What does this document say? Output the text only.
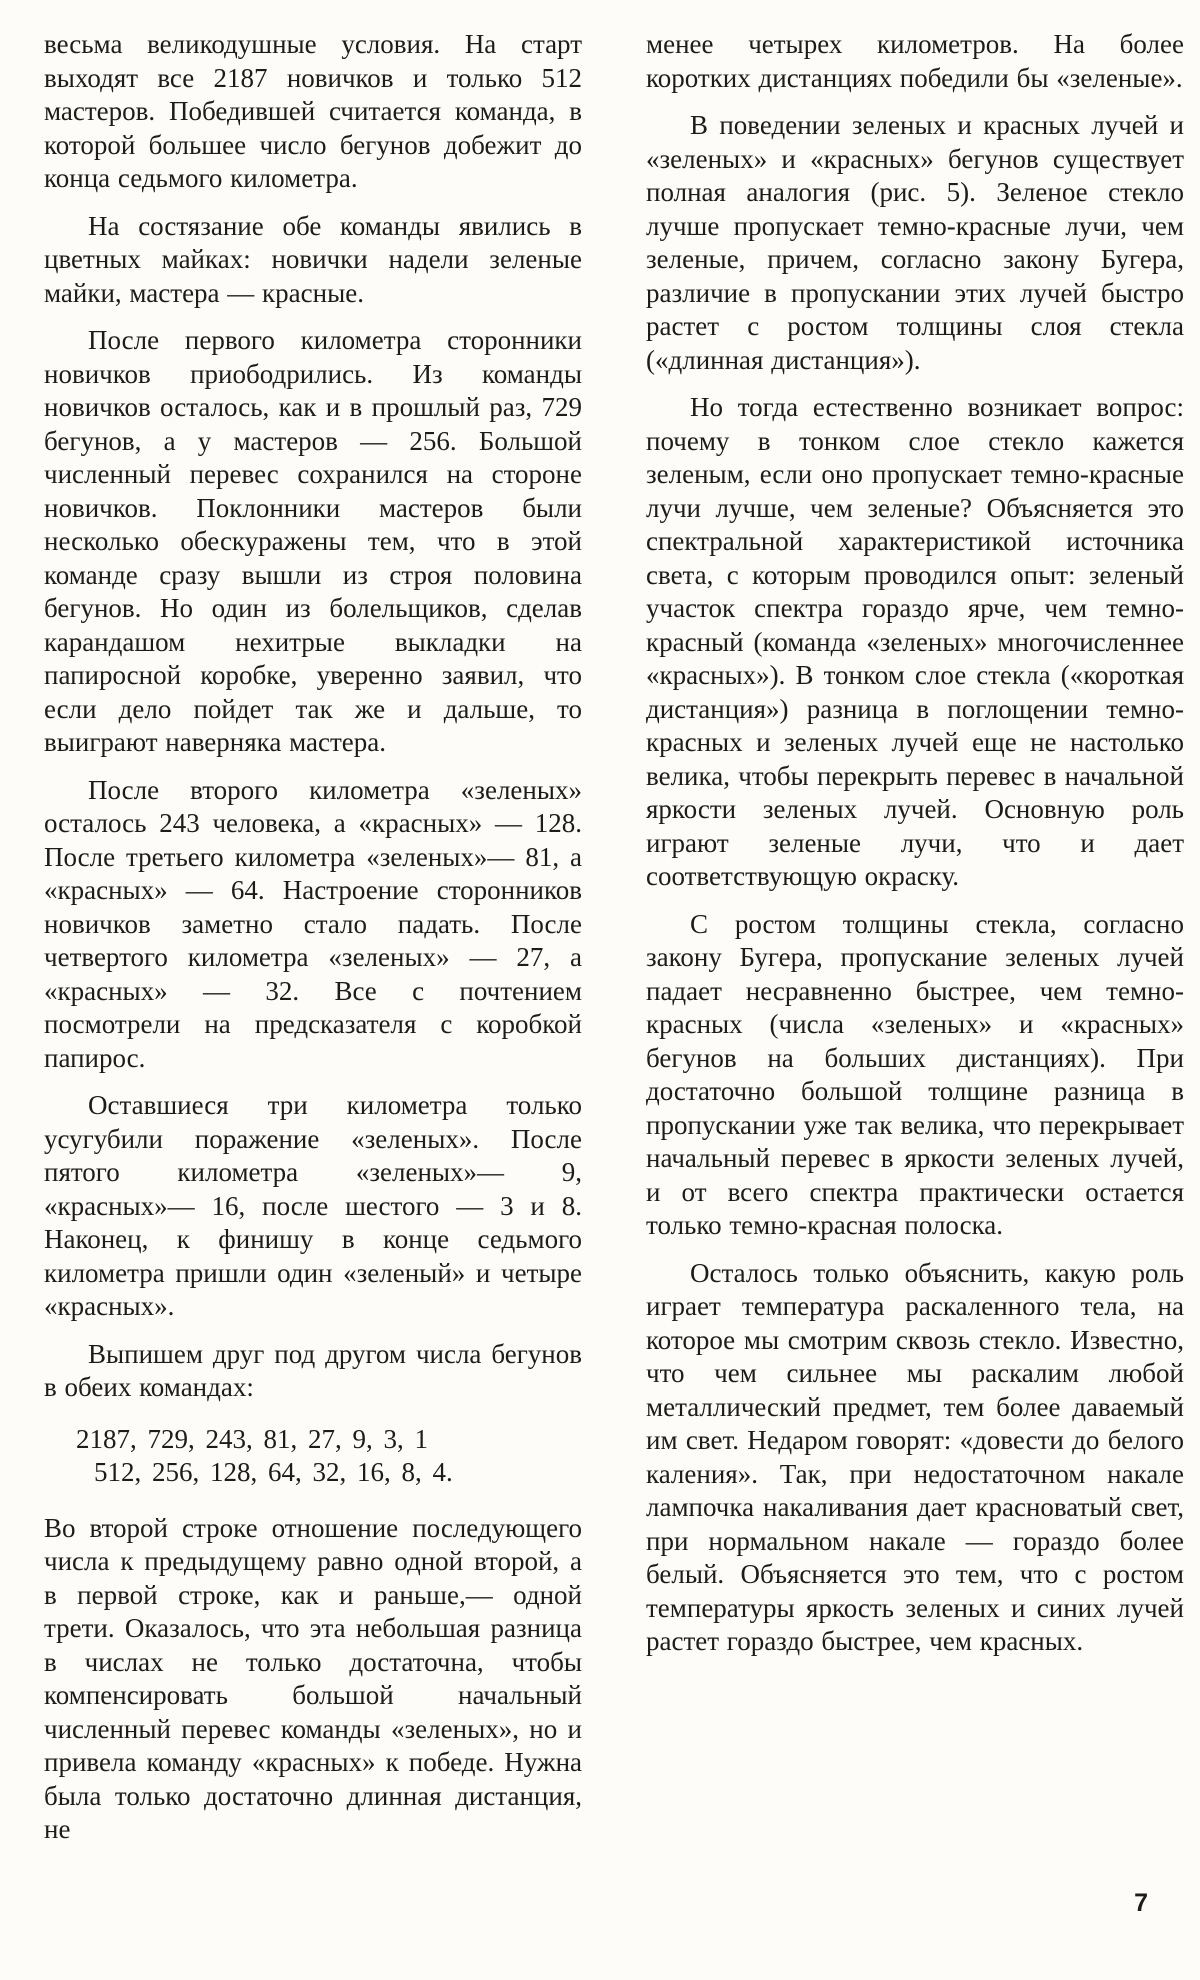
весьма великодушные условия. На старт выходят все 2187 новичков и только 512 мастеров. Победившей считается команда, в которой большее число бегунов добежит до конца седьмого километра.

На состязание обе команды явились в цветных майках: новички надели зеленые майки, мастера — красные.

После первого километра сторонники новичков приободрились. Из команды новичков осталось, как и в прошлый раз, 729 бегунов, а у мастеров — 256. Большой численный перевес сохранился на стороне новичков. Поклонники мастеров были несколько обескуражены тем, что в этой команде сразу вышли из строя половина бегунов. Но один из болельщиков, сделав карандашом нехитрые выкладки на папиросной коробке, уверенно заявил, что если дело пойдет так же и дальше, то выиграют наверняка мастера.

После второго километра «зеленых» осталось 243 человека, а «красных» — 128. После третьего километра «зеленых»— 81, а «красных» — 64. Настроение сторонников новичков заметно стало падать. После четвертого километра «зеленых» — 27, а «красных» — 32. Все с почтением посмотрели на предсказателя с коробкой папирос.

Оставшиеся три километра только усугубили поражение «зеленых». После пятого километра «зеленых»— 9, «красных»— 16, после шестого — 3 и 8. Наконец, к финишу в конце седьмого километра пришли один «зеленый» и четыре «красных».

Выпишем друг под другом числа бегунов в обеих командах:

2187, 729, 243, 81, 27, 9, 3, 1
512, 256, 128, 64, 32, 16, 8, 4.

Во второй строке отношение последующего числа к предыдущему равно одной второй, а в первой строке, как и раньше,— одной трети. Оказалось, что эта небольшая разница в числах не только достаточна, чтобы компенсировать большой начальный численный перевес команды «зеленых», но и привела команду «красных» к победе. Нужна была только достаточно длинная дистанция, не

менее четырех километров. На более коротких дистанциях победили бы «зеленые».

В поведении зеленых и красных лучей и «зеленых» и «красных» бегунов существует полная аналогия (рис. 5). Зеленое стекло лучше пропускает темно-красные лучи, чем зеленые, причем, согласно закону Бугера, различие в пропускании этих лучей быстро растет с ростом толщины слоя стекла («длинная дистанция»).

Но тогда естественно возникает вопрос: почему в тонком слое стекло кажется зеленым, если оно пропускает темно-красные лучи лучше, чем зеленые? Объясняется это спектральной характеристикой источника света, с которым проводился опыт: зеленый участок спектра гораздо ярче, чем темно-красный (команда «зеленых» многочисленнее «красных»). В тонком слое стекла («короткая дистанция») разница в поглощении темно-красных и зеленых лучей еще не настолько велика, чтобы перекрыть перевес в начальной яркости зеленых лучей. Основную роль играют зеленые лучи, что и дает соответствующую окраску.

С ростом толщины стекла, согласно закону Бугера, пропускание зеленых лучей падает несравненно быстрее, чем темно-красных (числа «зеленых» и «красных» бегунов на больших дистанциях). При достаточно большой толщине разница в пропускании уже так велика, что перекрывает начальный перевес в яркости зеленых лучей, и от всего спектра практически остается только темно-красная полоска.

Осталось только объяснить, какую роль играет температура раскаленного тела, на которое мы смотрим сквозь стекло. Известно, что чем сильнее мы раскалим любой металлический предмет, тем более даваемый им свет. Недаром говорят: «довести до белого каления». Так, при недостаточном накале лампочка накаливания дает красноватый свет, при нормальном накале — гораздо более белый. Объясняется это тем, что с ростом температуры яркость зеленых и синих лучей растет гораздо быстрее, чем красных.

7
